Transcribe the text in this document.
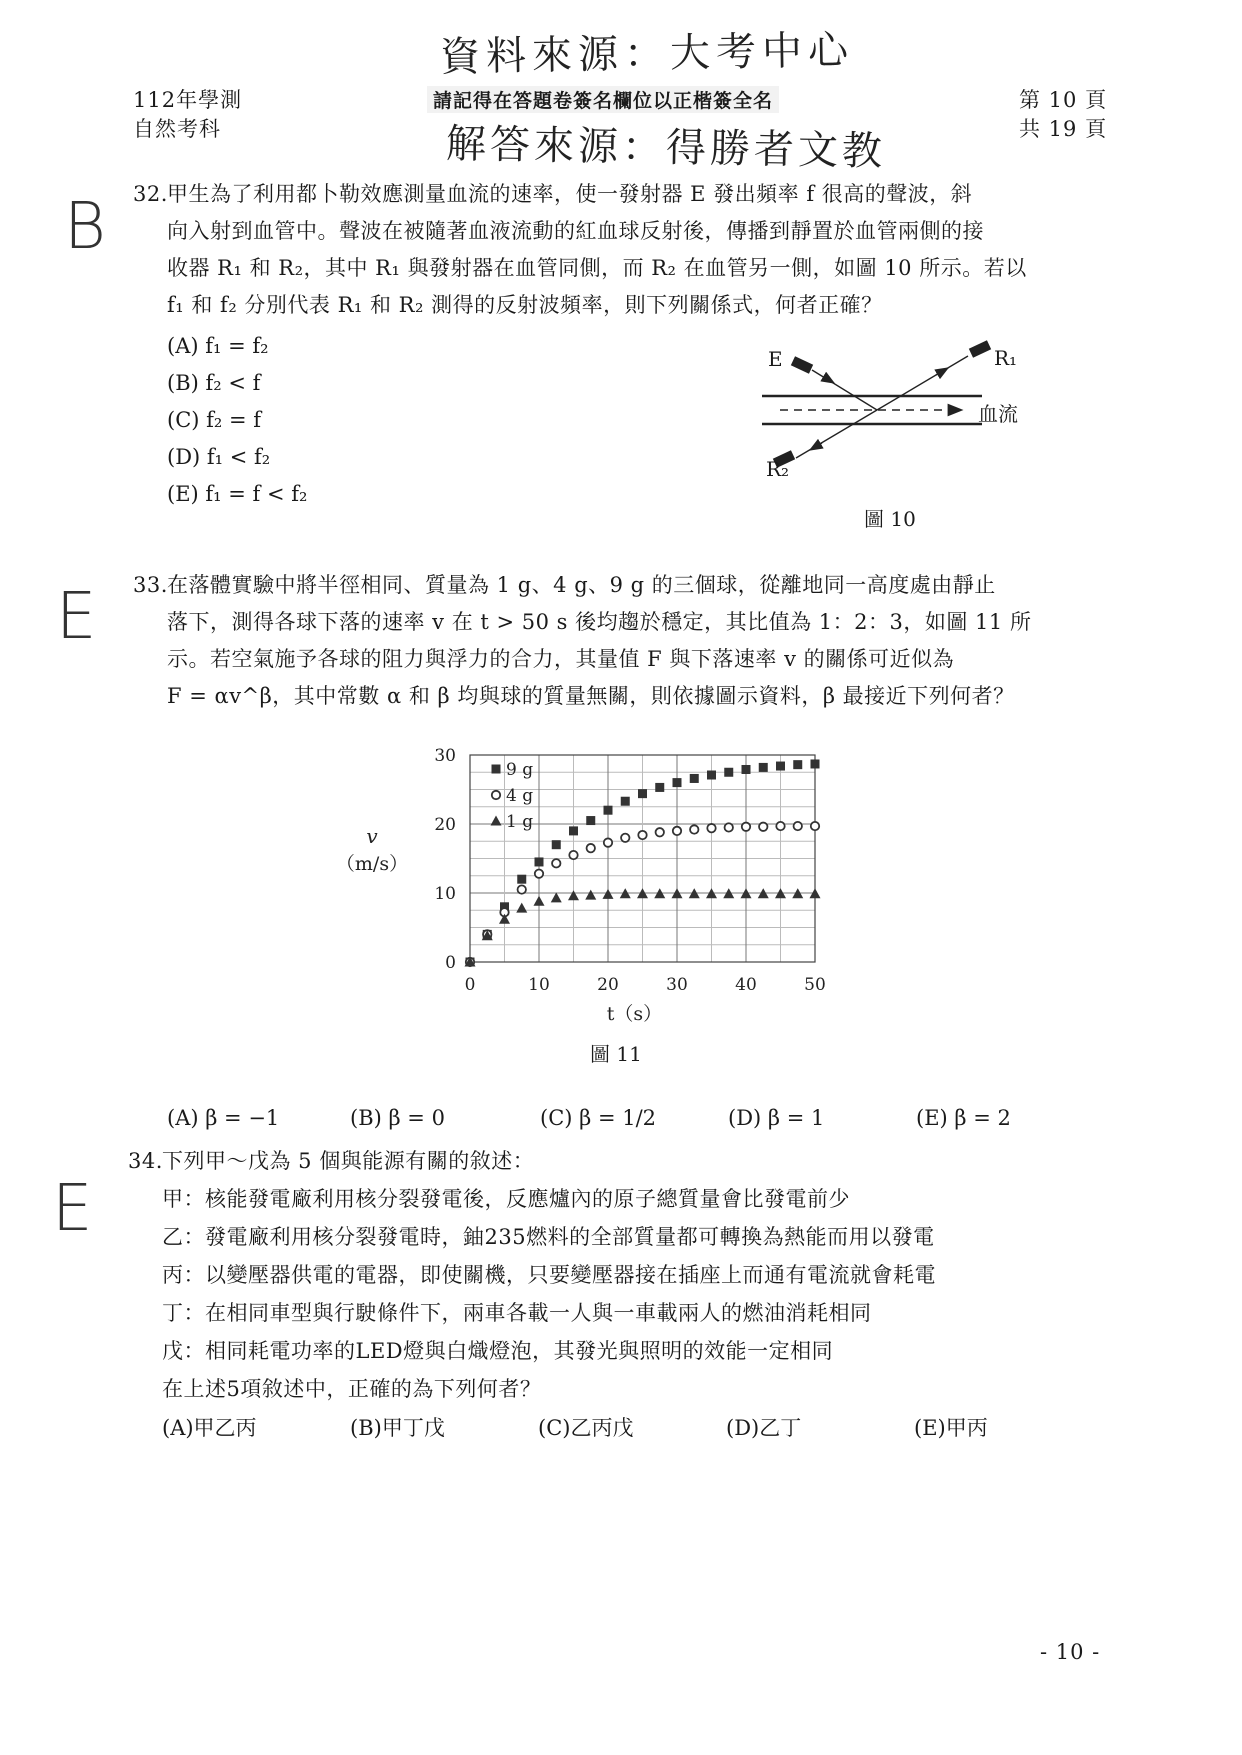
112年學測
自然考科
第 10 頁
共 19 頁
請記得在答題卷簽名欄位以正楷簽全名
資料來源：大考中心
解答來源：得勝者文教
B 32. 甲生為了利用都卜勒效應測量血流的速率，使一發射器 E 發出頻率 f 很高的聲波，斜
向入射到血管中。聲波在被隨著血液流動的紅血球反射後，傳播到靜置於血管兩側的接
收器 R₁ 和 R₂，其中 R₁ 與發射器在血管同側，而 R₂ 在血管另一側，如圖 10 所示。若以
f₁ 和 f₂ 分別代表 R₁ 和 R₂ 測得的反射波頻率，則下列關係式，何者正確？
(A) f₁ = f₂
(B) f₂ < f
(C) f₂ = f
(D) f₁ < f₂
(E) f₁ = f < f₂
E	R₁
R₂
血流
圖 10
E 33. 在落體實驗中將半徑相同、質量為 1 g、4 g、9 g 的三個球，從離地同一高度處由靜止
落下，測得各球下落的速率 v 在 t > 50 s 後均趨於穩定，其比值為 1：2：3，如圖 11 所
示。若空氣施予各球的阻力與浮力的合力，其量值 F 與下落速率 v 的關係可近似為
F = αv^β，其中常數 α 和 β 均與球的質量無關，則依據圖示資料，β 最接近下列何者？
0
10
20
30
0	10	20	30	40	50
v
（m/s）
t（s）
9 g
4 g
1 g
圖 11
(A) β = −1	(B) β = 0	(C) β = 1/2	(D) β = 1	(E) β = 2
E
34. 下列甲～戊為 5 個與能源有關的敘述：
甲：核能發電廠利用核分裂發電後，反應爐內的原子總質量會比發電前少
乙：發電廠利用核分裂發電時，鈾235燃料的全部質量都可轉換為熱能而用以發電
丙：以變壓器供電的電器，即使關機，只要變壓器接在插座上而通有電流就會耗電
丁：在相同車型與行駛條件下，兩車各載一人與一車載兩人的燃油消耗相同
戊：相同耗電功率的LED燈與白熾燈泡，其發光與照明的效能一定相同
在上述5項敘述中，正確的為下列何者？
(A)甲乙丙	(B)甲丁戊	(C)乙丙戊	(D)乙丁	(E)甲丙
- 10 -
